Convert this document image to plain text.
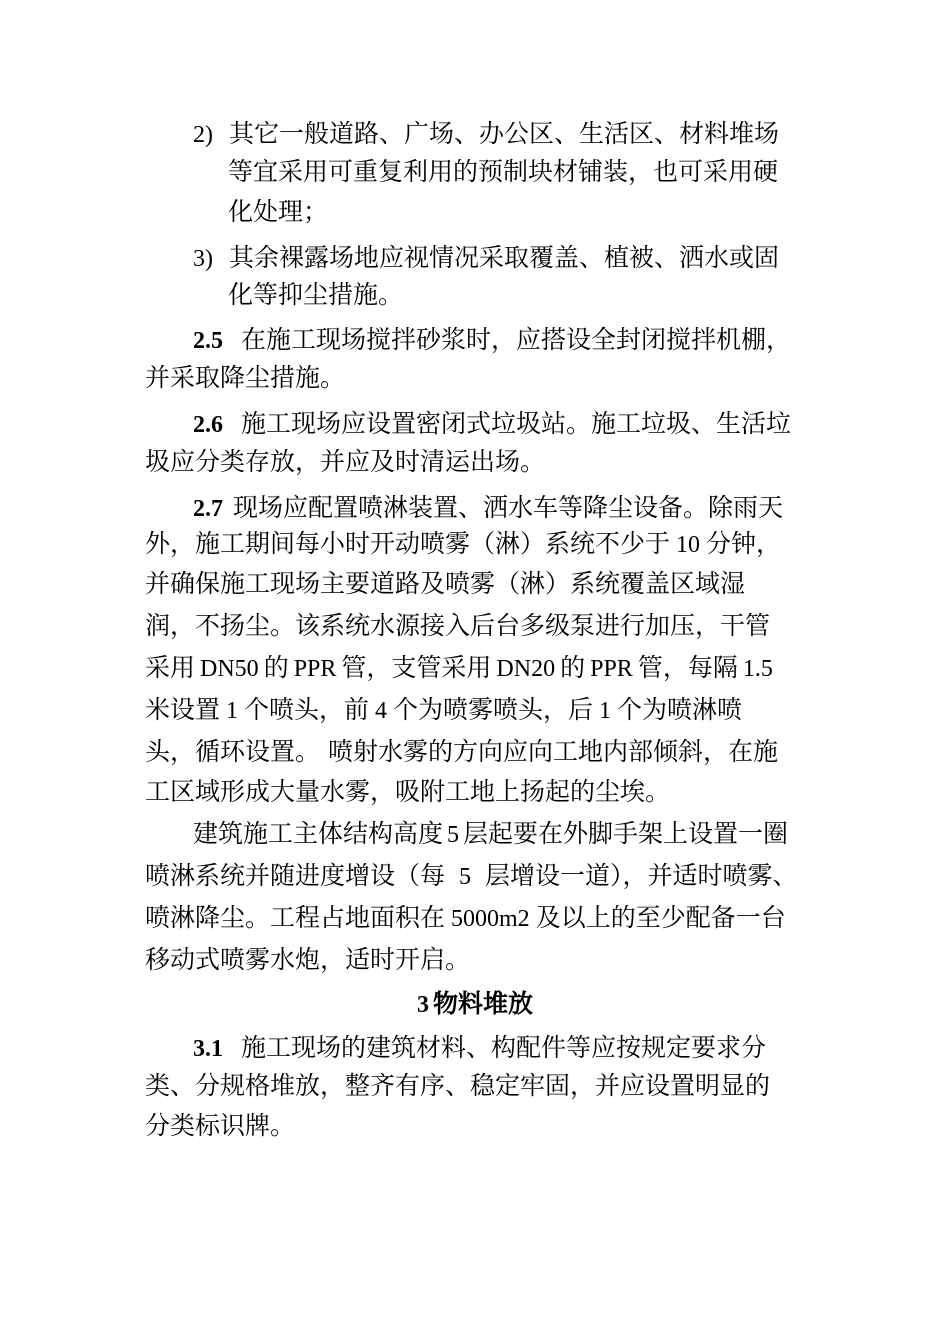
2) 其它一般道路、广场、办公区、生活区、材料堆场
等宜采用可重复利用的预制块材铺装，也可采用硬
化处理；
3) 其余裸露场地应视情况采取覆盖、植被、洒水或固
化等抑尘措施。
2.5 在施工现场搅拌砂浆时，应搭设全封闭搅拌机棚，
并采取降尘措施。
2.6 施工现场应设置密闭式垃圾站。施工垃圾、生活垃
圾应分类存放，并应及时清运出场。
2.7 现场应配置喷淋装置、洒水车等降尘设备。除雨天
外，施工期间每小时开动喷雾（淋）系统不少于 10 分钟，
并确保施工现场主要道路及喷雾（淋）系统覆盖区域湿
润，不扬尘。该系统水源接入后台多级泵进行加压，干管
采用 DN50 的 PPR 管，支管采用 DN20 的 PPR 管，每隔 1.5
米设置 1 个喷头，前 4 个为喷雾喷头，后 1 个为喷淋喷
头，循环设置。 喷射水雾的方向应向工地内部倾斜，在施
工区域形成大量水雾，吸附工地上扬起的尘埃。
建筑施工主体结构高度 5 层起要在外脚手架上设置一圈
喷淋系统并随进度增设（每 5 层增设一道），并适时喷雾、
喷淋降尘。工程占地面积在 5000m2 及以上的至少配备一台
移动式喷雾水炮，适时开启。
3 物料堆放
3.1 施工现场的建筑材料、构配件等应按规定要求分
类、分规格堆放，整齐有序、稳定牢固，并应设置明显的
分类标识牌。
